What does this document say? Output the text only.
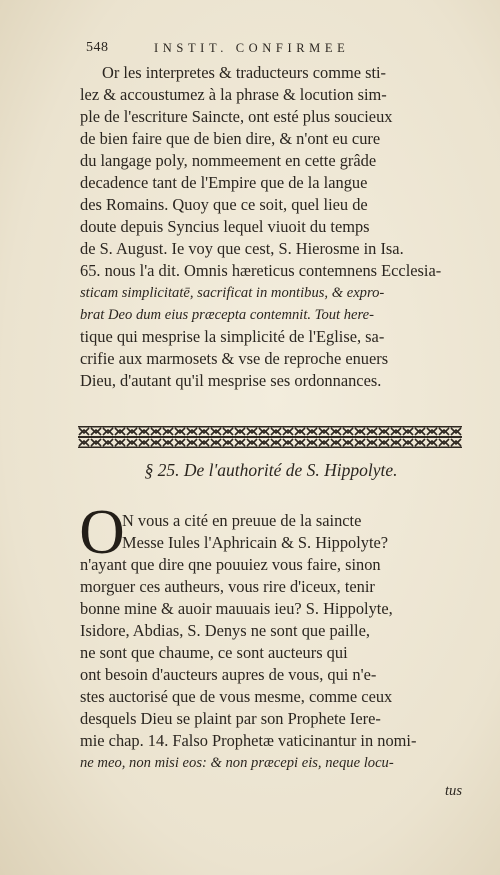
548	INSTIT. CONFIRMEE
Or les interpretes & traducteurs comme sti-
lez & accoustumez à la phrase & locution sim-
ple de l'escriture Saincte, ont esté plus soucieux
de bien faire que de bien dire, & n'ont eu cure
du langage poly, nommeement en cette grâde
decadence tant de l'Empire que de la langue
des Romains. Quoy que ce soit, quel lieu de
doute depuis Syncius lequel viuoit du temps
de S. August. Ie voy que cest, S. Hierosme in Isa.
65. nous l'a dit. Omnis hæreticus contemnens Ecclesia-
sticam simplicitatē, sacrificat in montibus, & expro-
brat Deo dum eius præcepta contemnit. Tout here-
tique qui mesprise la simplicité de l'Eglise, sa-
crifie aux marmosets & vse de reproche enuers
Dieu, d'autant qu'il mesprise ses ordonnances.
§ 25. De l'authorité de S. Hippolyte.
O
N vous a cité en preuue de la saincte
Messe Iules l'Aphricain & S. Hippolyte?
n'ayant que dire qne pouuiez vous faire, sinon
morguer ces autheurs, vous rire d'iceux, tenir
bonne mine & auoir mauuais ieu? S. Hippolyte,
Isidore, Abdias, S. Denys ne sont que paille,
ne sont que chaume, ce sont aucteurs qui
ont besoin d'aucteurs aupres de vous, qui n'e-
stes auctorisé que de vous mesme, comme ceux
desquels Dieu se plaint par son Prophete Iere-
mie chap. 14. Falso Prophetæ vaticinantur in nomi-
ne meo, non misi eos: & non præcepi eis, neque locu-
tus
